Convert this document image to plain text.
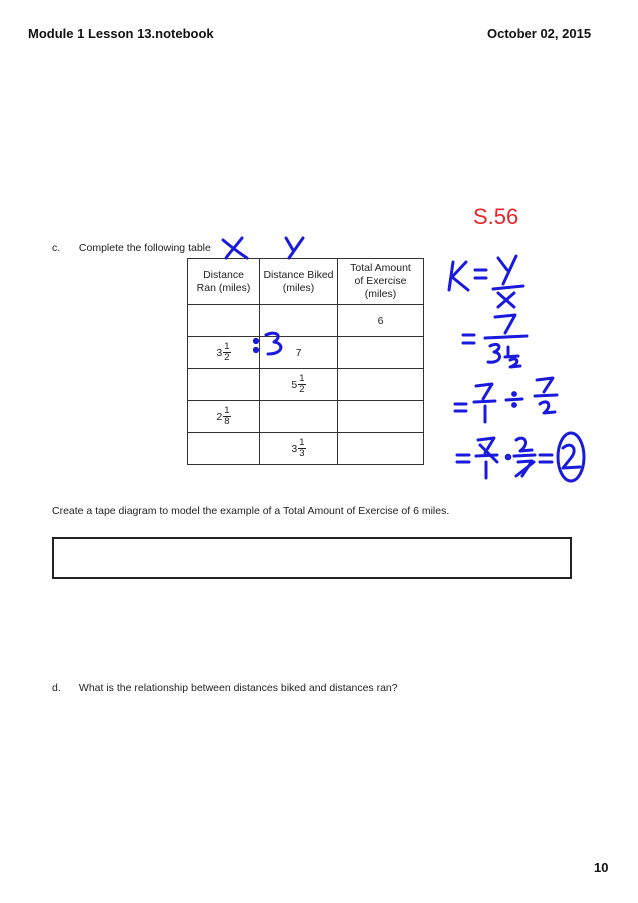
Module 1 Lesson 13.notebook	October 02, 2015
S.56
c. Complete the following table
Distance
Ran (miles)	Distance Biked
(miles)	Total Amount
of Exercise
(miles)
		6

$3 \frac{1}{2}$	7	

	$5 \frac{1}{2}$

$2 \frac{1}{8}$

	$3 \frac{1}{3}$

Create a tape diagram to model the example of a Total Amount of Exercise of 6 miles.
d. What is the relationship between distances biked and distances ran?
10
